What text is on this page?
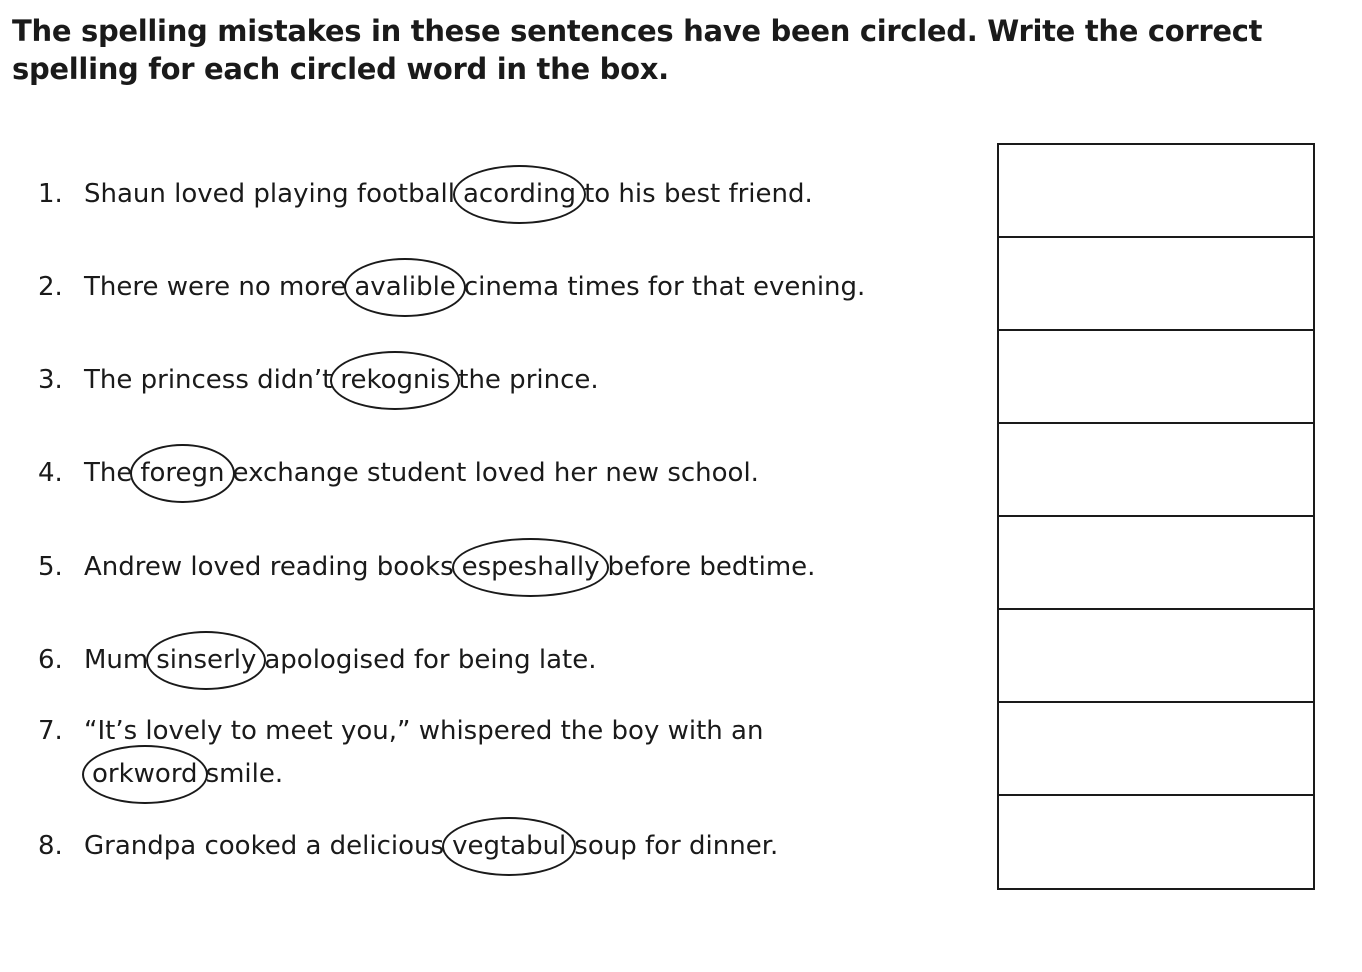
The spelling mistakes in these sentences have been circled. Write the correct spelling for each circled word in the box.

1. Shaun loved playing football acording to his best friend.
2. There were no more avalible cinema times for that evening.
3. The princess didn’t rekognis the prince.
4. The foregn exchange student loved her new school.
5. Andrew loved reading books espeshally before bedtime.
6. Mum sinserly apologised for being late.
7. “It’s lovely to meet you,” whispered the boy with an
orkword smile.
8. Grandpa cooked a delicious vegtabul soup for dinner.
